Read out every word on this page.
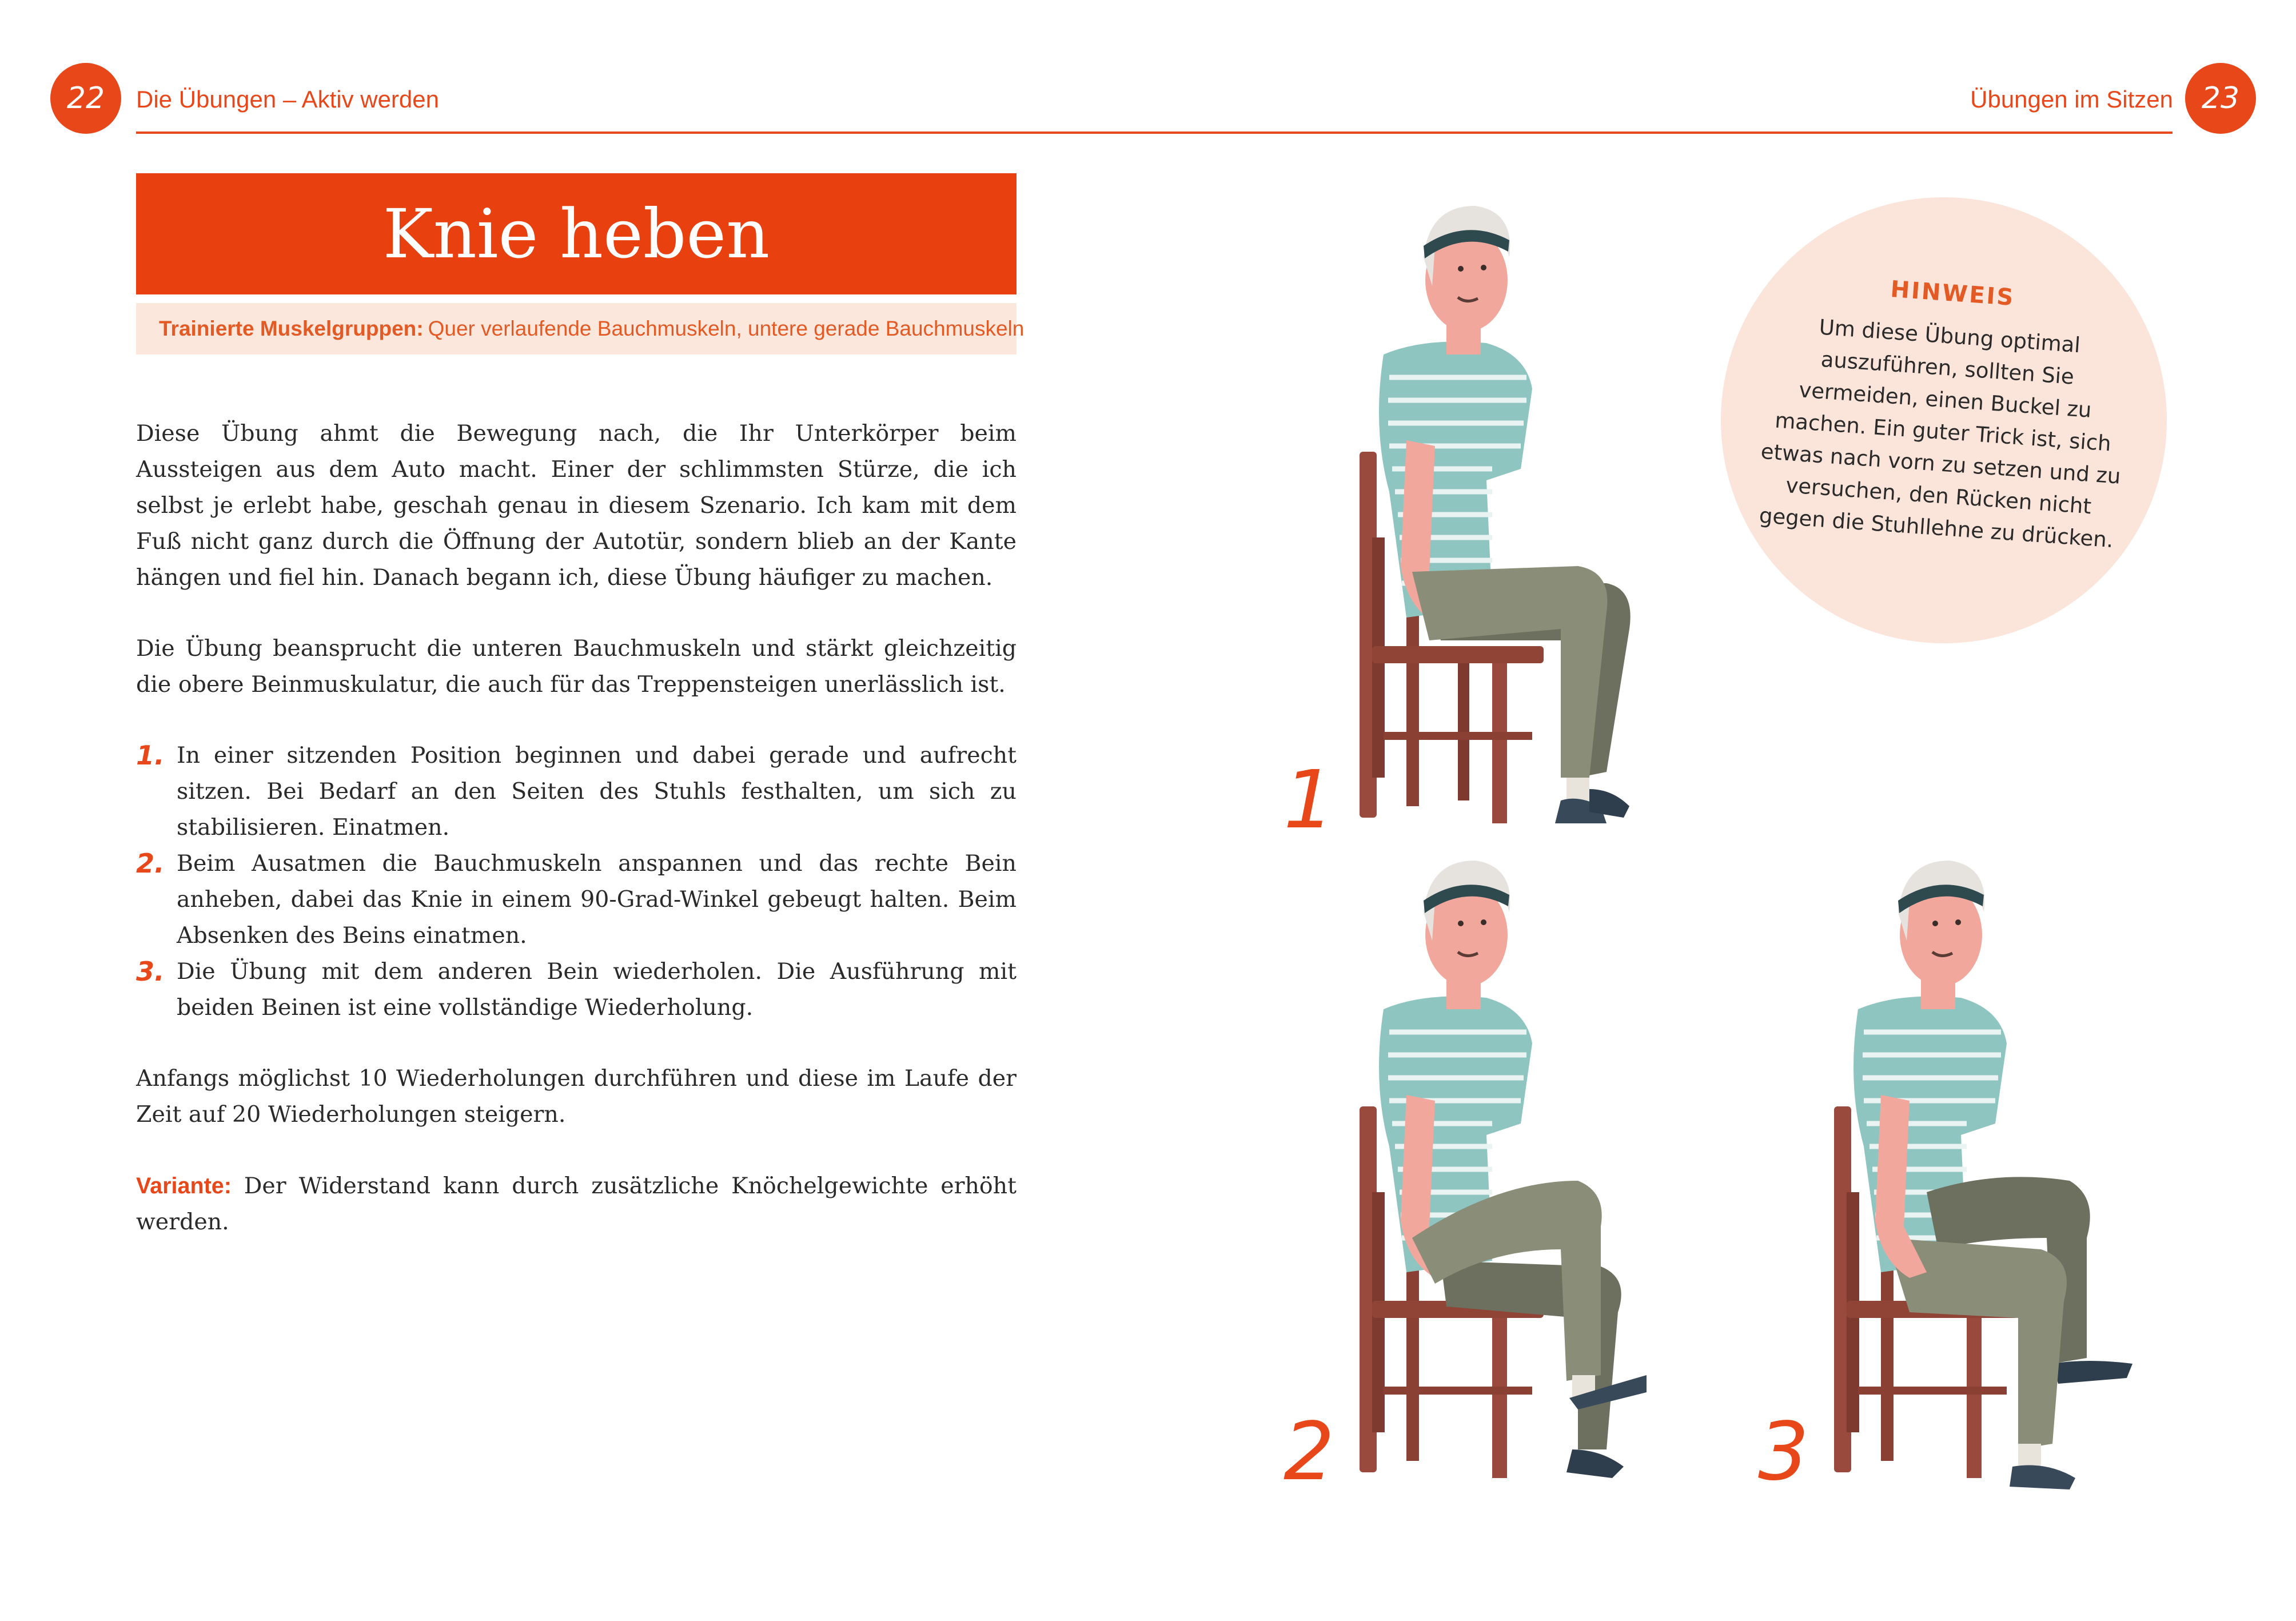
22	Die Übungen – Aktiv werden	Übungen im Sitzen 23
Knie heben
Trainierte Muskelgruppen: Quer verlaufende Bauchmuskeln, untere gerade Bauchmuskeln
Diese Übung ahmt die Bewegung nach, die Ihr Unterkörper beim Aussteigen aus dem Auto macht. Einer der schlimmsten Stürze, die ich selbst je erlebt habe, geschah genau in diesem Szenario. Ich kam mit dem Fuß nicht ganz durch die Öffnung der Autotür, sondern blieb an der Kante hängen und fiel hin. Danach begann ich, diese Übung häufiger zu machen.
Die Übung beansprucht die unteren Bauchmuskeln und stärkt gleichzeitig die obere Beinmuskulatur, die auch für das Treppensteigen unerlässlich ist.
1. In einer sitzenden Position beginnen und dabei gerade und aufrecht sitzen. Bei Bedarf an den Seiten des Stuhls festhalten, um sich zu stabilisieren. Einatmen.
2. Beim Ausatmen die Bauchmuskeln anspannen und das rechte Bein anheben, dabei das Knie in einem 90-Grad-Winkel gebeugt halten. Beim Absenken des Beins einatmen.
3. Die Übung mit dem anderen Bein wiederholen. Die Ausführung mit beiden Beinen ist eine vollständige Wiederholung.
Anfangs möglichst 10 Wiederholungen durchführen und diese im Laufe der Zeit auf 20 Wiederholungen steigern.
Variante: Der Widerstand kann durch zusätzliche Knöchelgewichte erhöht werden.
HINWEIS
Um diese Übung optimal auszuführen, sollten Sie vermeiden, einen Buckel zu machen. Ein guter Trick ist, sich etwas nach vorn zu setzen und zu versuchen, den Rücken nicht gegen die Stuhllehne zu drücken.
1
2	3
